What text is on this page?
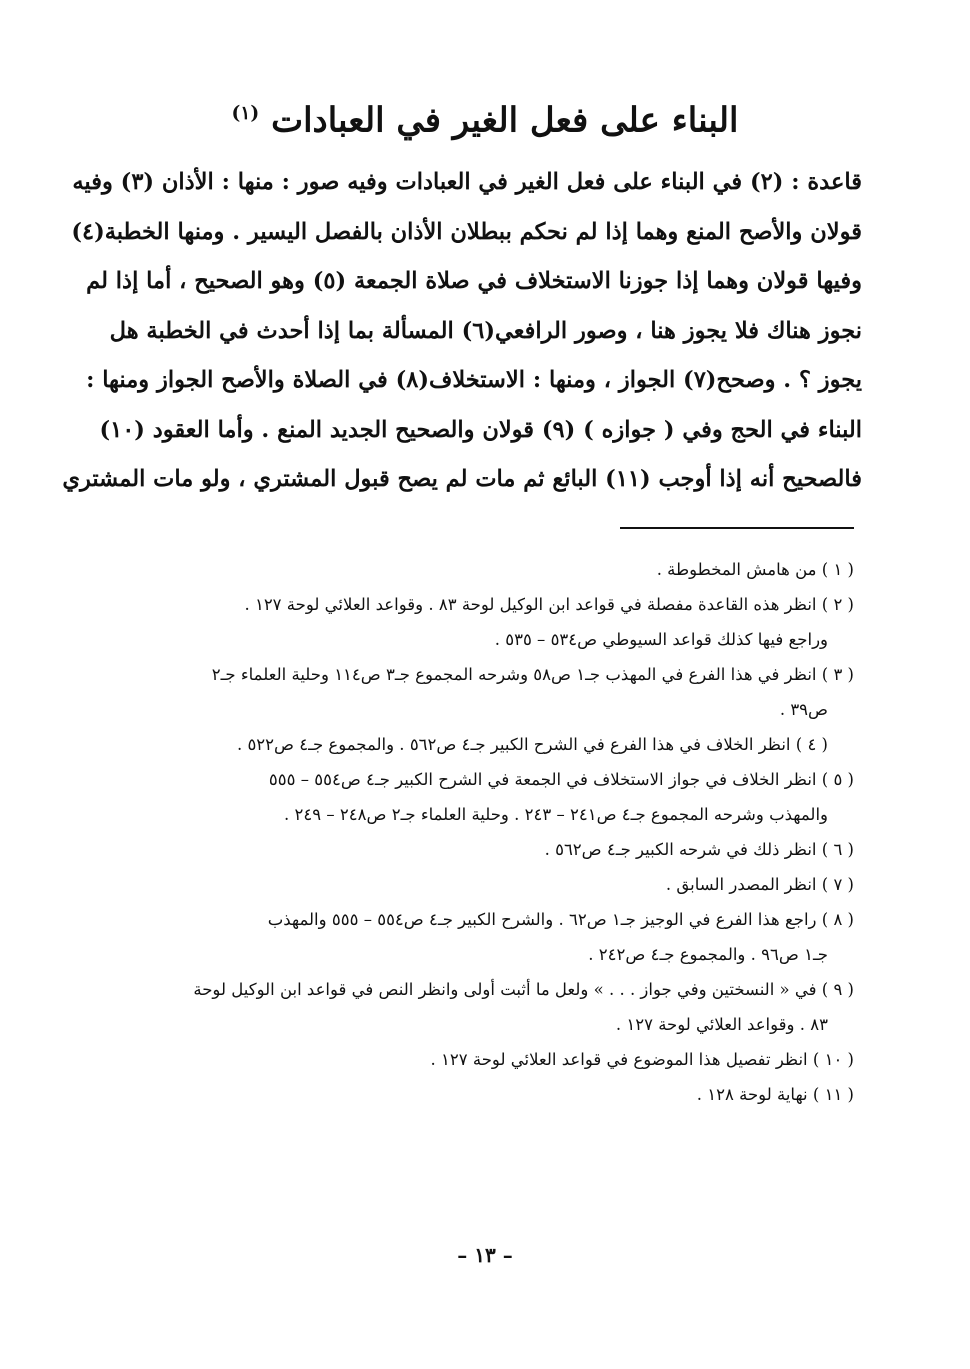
البناء على فعل الغير في العبادات $^{(١)}$
قاعدة : (٢) في البناء على فعل الغير في العبادات وفيه صور : منها : الأذان (٣) وفيه
قولان والأصح المنع وهما إذا لم نحكم ببطلان الأذان بالفصل اليسير . ومنها الخطبة(٤)
وفيها قولان وهما إذا جوزنا الاستخلاف في صلاة الجمعة (٥) وهو الصحيح ، أما إذا لم
نجوز هناك فلا يجوز هنا ، وصور الرافعي(٦) المسألة بما إذا أحدث في الخطبة هل
يجوز ؟ . وصحح(٧) الجواز ، ومنها : الاستخلاف(٨) في الصلاة والأصح الجواز ومنها :
البناء في الحج وفي ( جوازه ) (٩) قولان والصحيح الجديد المنع . وأما العقود (١٠)
فالصحيح أنه إذا أوجب (١١) البائع ثم مات لم يصح قبول المشتري ، ولو مات المشتري
( ١ ) من هامش المخطوطة .
( ٢ ) انظر هذه القاعدة مفصلة في قواعد ابن الوكيل لوحة ٨٣ . وقواعد العلائي لوحة ١٢٧ .
وراجع فيها كذلك قواعد السيوطي ص٥٣٤ – ٥٣٥ .
( ٣ ) انظر في هذا الفرع في المهذب جـ١ ص٥٨ وشرحه المجموع جـ٣ ص١١٤ وحلية العلماء جـ٢
ص٣٩ .
( ٤ ) انظر الخلاف في هذا الفرع في الشرح الكبير جـ٤ ص٥٦٢ . والمجموع جـ٤ ص٥٢٢ .
( ٥ ) انظر الخلاف في جواز الاستخلاف في الجمعة في الشرح الكبير جـ٤ ص٥٥٤ – ٥٥٥
والمهذب وشرحه المجموع جـ٤ ص٢٤١ – ٢٤٣ . وحلية العلماء جـ٢ ص٢٤٨ – ٢٤٩ .
( ٦ ) انظر ذلك في شرحه الكبير جـ٤ ص٥٦٢ .
( ٧ ) انظر المصدر السابق .
( ٨ ) راجع هذا الفرع في الوجيز جـ١ ص٦٢ . والشرح الكبير جـ٤ ص٥٥٤ – ٥٥٥ والمهذب
جـ١ ص٩٦ . والمجموع جـ٤ ص٢٤٢ .
( ٩ ) في « النسختين وفي جواز . . . » ولعل ما أثبت أولى وانظر النص في قواعد ابن الوكيل لوحة
٨٣ . وقواعد العلائي لوحة ١٢٧ .
( ١٠ ) انظر تفصيل هذا الموضوع في قواعد العلائي لوحة ١٢٧ .
( ١١ ) نهاية لوحة ١٢٨ .
– ١٣ –
